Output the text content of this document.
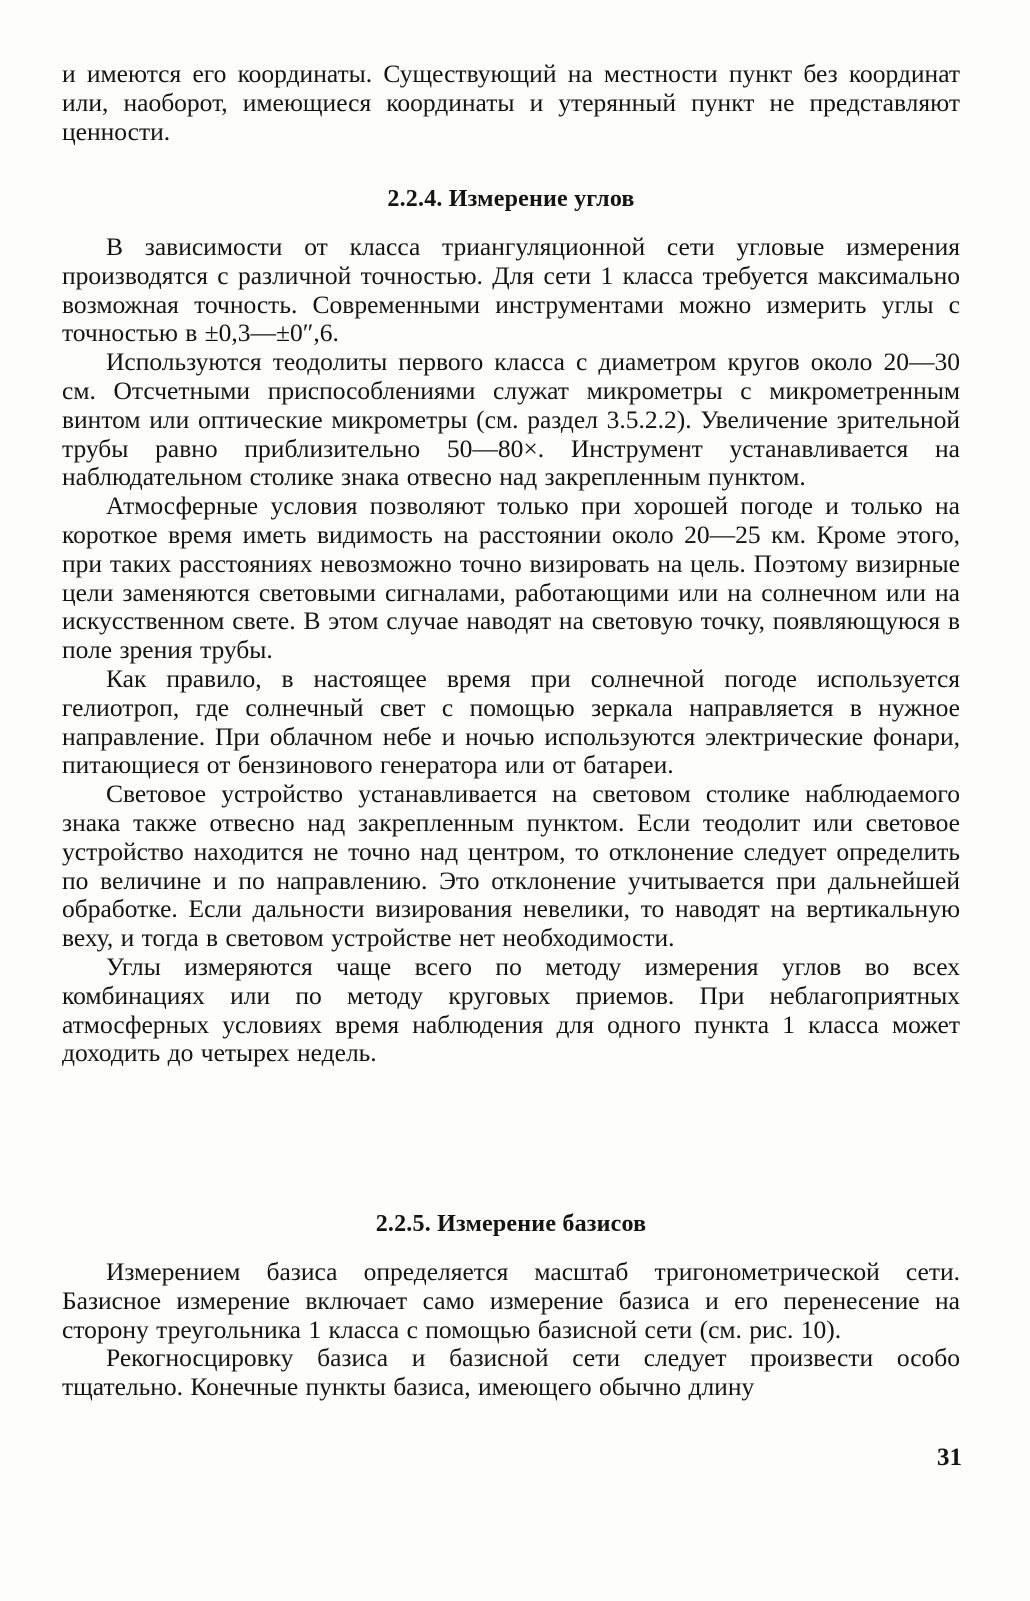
и имеются его координаты. Существующий на местности пункт без координат или, наоборот, имеющиеся координаты и утерянный пункт не представляют ценности.

2.2.4. Измерение углов

В зависимости от класса триангуляционной сети угловые измерения производятся с различной точностью. Для сети 1 класса требуется максимально возможная точность. Современными инструментами можно измерить углы с точностью в ±0,3—±0″,6.

Используются теодолиты первого класса с диаметром кругов около 20—30 см. Отсчетными приспособлениями служат микрометры с микрометренным винтом или оптические микрометры (см. раздел 3.5.2.2). Увеличение зрительной трубы равно приблизительно 50—80×. Инструмент устанавливается на наблюдательном столике знака отвесно над закрепленным пунктом.

Атмосферные условия позволяют только при хорошей погоде и только на короткое время иметь видимость на расстоянии около 20—25 км. Кроме этого, при таких расстояниях невозможно точно визировать на цель. Поэтому визирные цели заменяются световыми сигналами, работающими или на солнечном или на искусственном свете. В этом случае наводят на световую точку, появляющуюся в поле зрения трубы.

Как правило, в настоящее время при солнечной погоде используется гелиотроп, где солнечный свет с помощью зеркала направляется в нужное направление. При облачном небе и ночью используются электрические фонари, питающиеся от бензинового генератора или от батареи.

Световое устройство устанавливается на световом столике наблюдаемого знака также отвесно над закрепленным пунктом. Если теодолит или световое устройство находится не точно над центром, то отклонение следует определить по величине и по направлению. Это отклонение учитывается при дальнейшей обработке. Если дальности визирования невелики, то наводят на вертикальную веху, и тогда в световом устройстве нет необходимости.

Углы измеряются чаще всего по методу измерения углов во всех комбинациях или по методу круговых приемов. При неблагоприятных атмосферных условиях время наблюдения для одного пункта 1 класса может доходить до четырех недель.

2.2.5. Измерение базисов

Измерением базиса определяется масштаб тригонометрической сети. Базисное измерение включает само измерение базиса и его перенесение на сторону треугольника 1 класса с помощью базисной сети (см. рис. 10).

Рекогносцировку базиса и базисной сети следует произвести особо тщательно. Конечные пункты базиса, имеющего обычно длину

31
